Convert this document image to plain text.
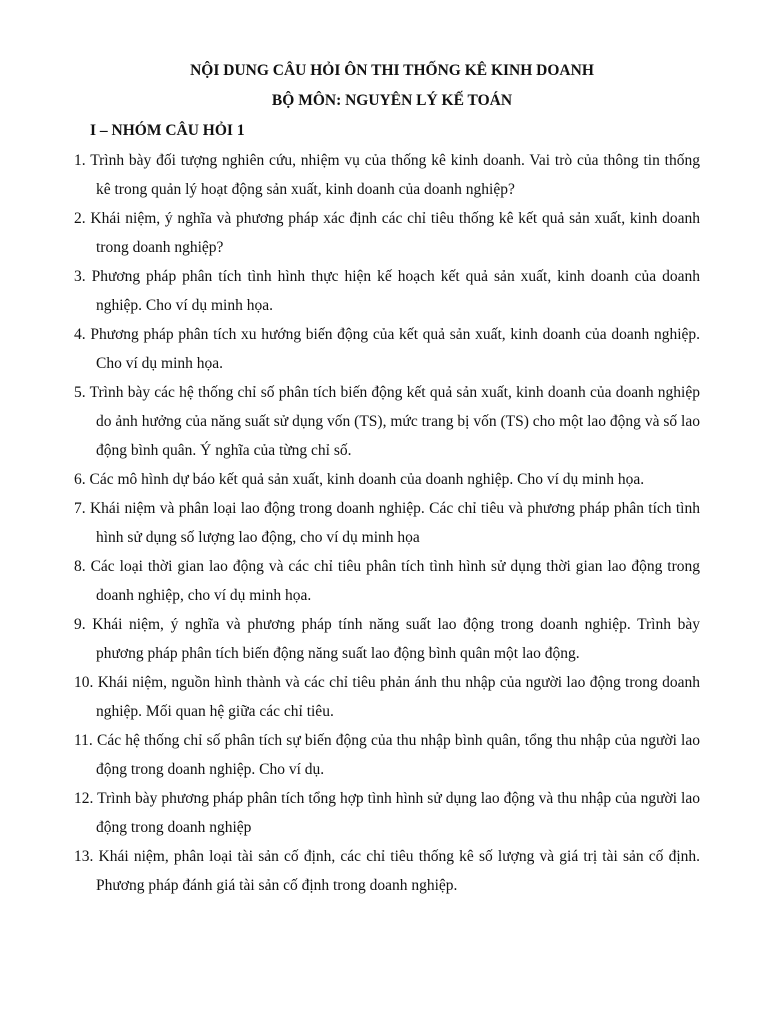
NỘI DUNG CÂU HỎI ÔN THI THỐNG KÊ KINH DOANH

BỘ MÔN: NGUYÊN LÝ KẾ TOÁN

I – NHÓM CÂU HỎI 1

1. Trình bày đối tượng nghiên cứu, nhiệm vụ của thống kê kinh doanh. Vai trò của thông tin thống kê trong quản lý hoạt động sản xuất, kinh doanh của doanh nghiệp?
2. Khái niệm, ý nghĩa và phương pháp xác định các chỉ tiêu thống kê kết quả sản xuất, kinh doanh trong doanh nghiệp?
3. Phương pháp phân tích tình hình thực hiện kế hoạch kết quả sản xuất, kinh doanh của doanh nghiệp. Cho ví dụ minh họa.
4. Phương pháp phân tích xu hướng biến động của kết quả sản xuất, kinh doanh của doanh nghiệp. Cho ví dụ minh họa.
5. Trình bày các hệ thống chỉ số phân tích biến động kết quả sản xuất, kinh doanh của doanh nghiệp do ảnh hưởng của năng suất sử dụng vốn (TS), mức trang bị vốn (TS) cho một lao động và số lao động bình quân. Ý nghĩa của từng chỉ số.
6. Các mô hình dự báo kết quả sản xuất, kinh doanh của doanh nghiệp. Cho ví dụ minh họa.
7. Khái niệm và phân loại lao động trong doanh nghiệp. Các chỉ tiêu và phương pháp phân tích tình hình sử dụng số lượng lao động, cho ví dụ minh họa
8. Các loại thời gian lao động và các chỉ tiêu phân tích tình hình sử dụng thời gian lao động trong doanh nghiệp, cho ví dụ minh họa.
9. Khái niệm, ý nghĩa và phương pháp tính năng suất lao động trong doanh nghiệp. Trình bày phương pháp phân tích biến động năng suất lao động bình quân một lao động.
10. Khái niệm, nguồn hình thành và các chỉ tiêu phản ánh thu nhập của người lao động trong doanh nghiệp. Mối quan hệ giữa các chỉ tiêu.
11. Các hệ thống chỉ số phân tích sự biến động của thu nhập bình quân, tổng thu nhập của người lao động trong doanh nghiệp. Cho ví dụ.
12. Trình bày phương pháp phân tích tổng hợp tình hình sử dụng lao động và thu nhập của người lao động trong doanh nghiệp
13. Khái niệm, phân loại tài sản cố định, các chỉ tiêu thống kê số lượng và giá trị tài sản cố định. Phương pháp đánh giá tài sản cố định trong doanh nghiệp.
